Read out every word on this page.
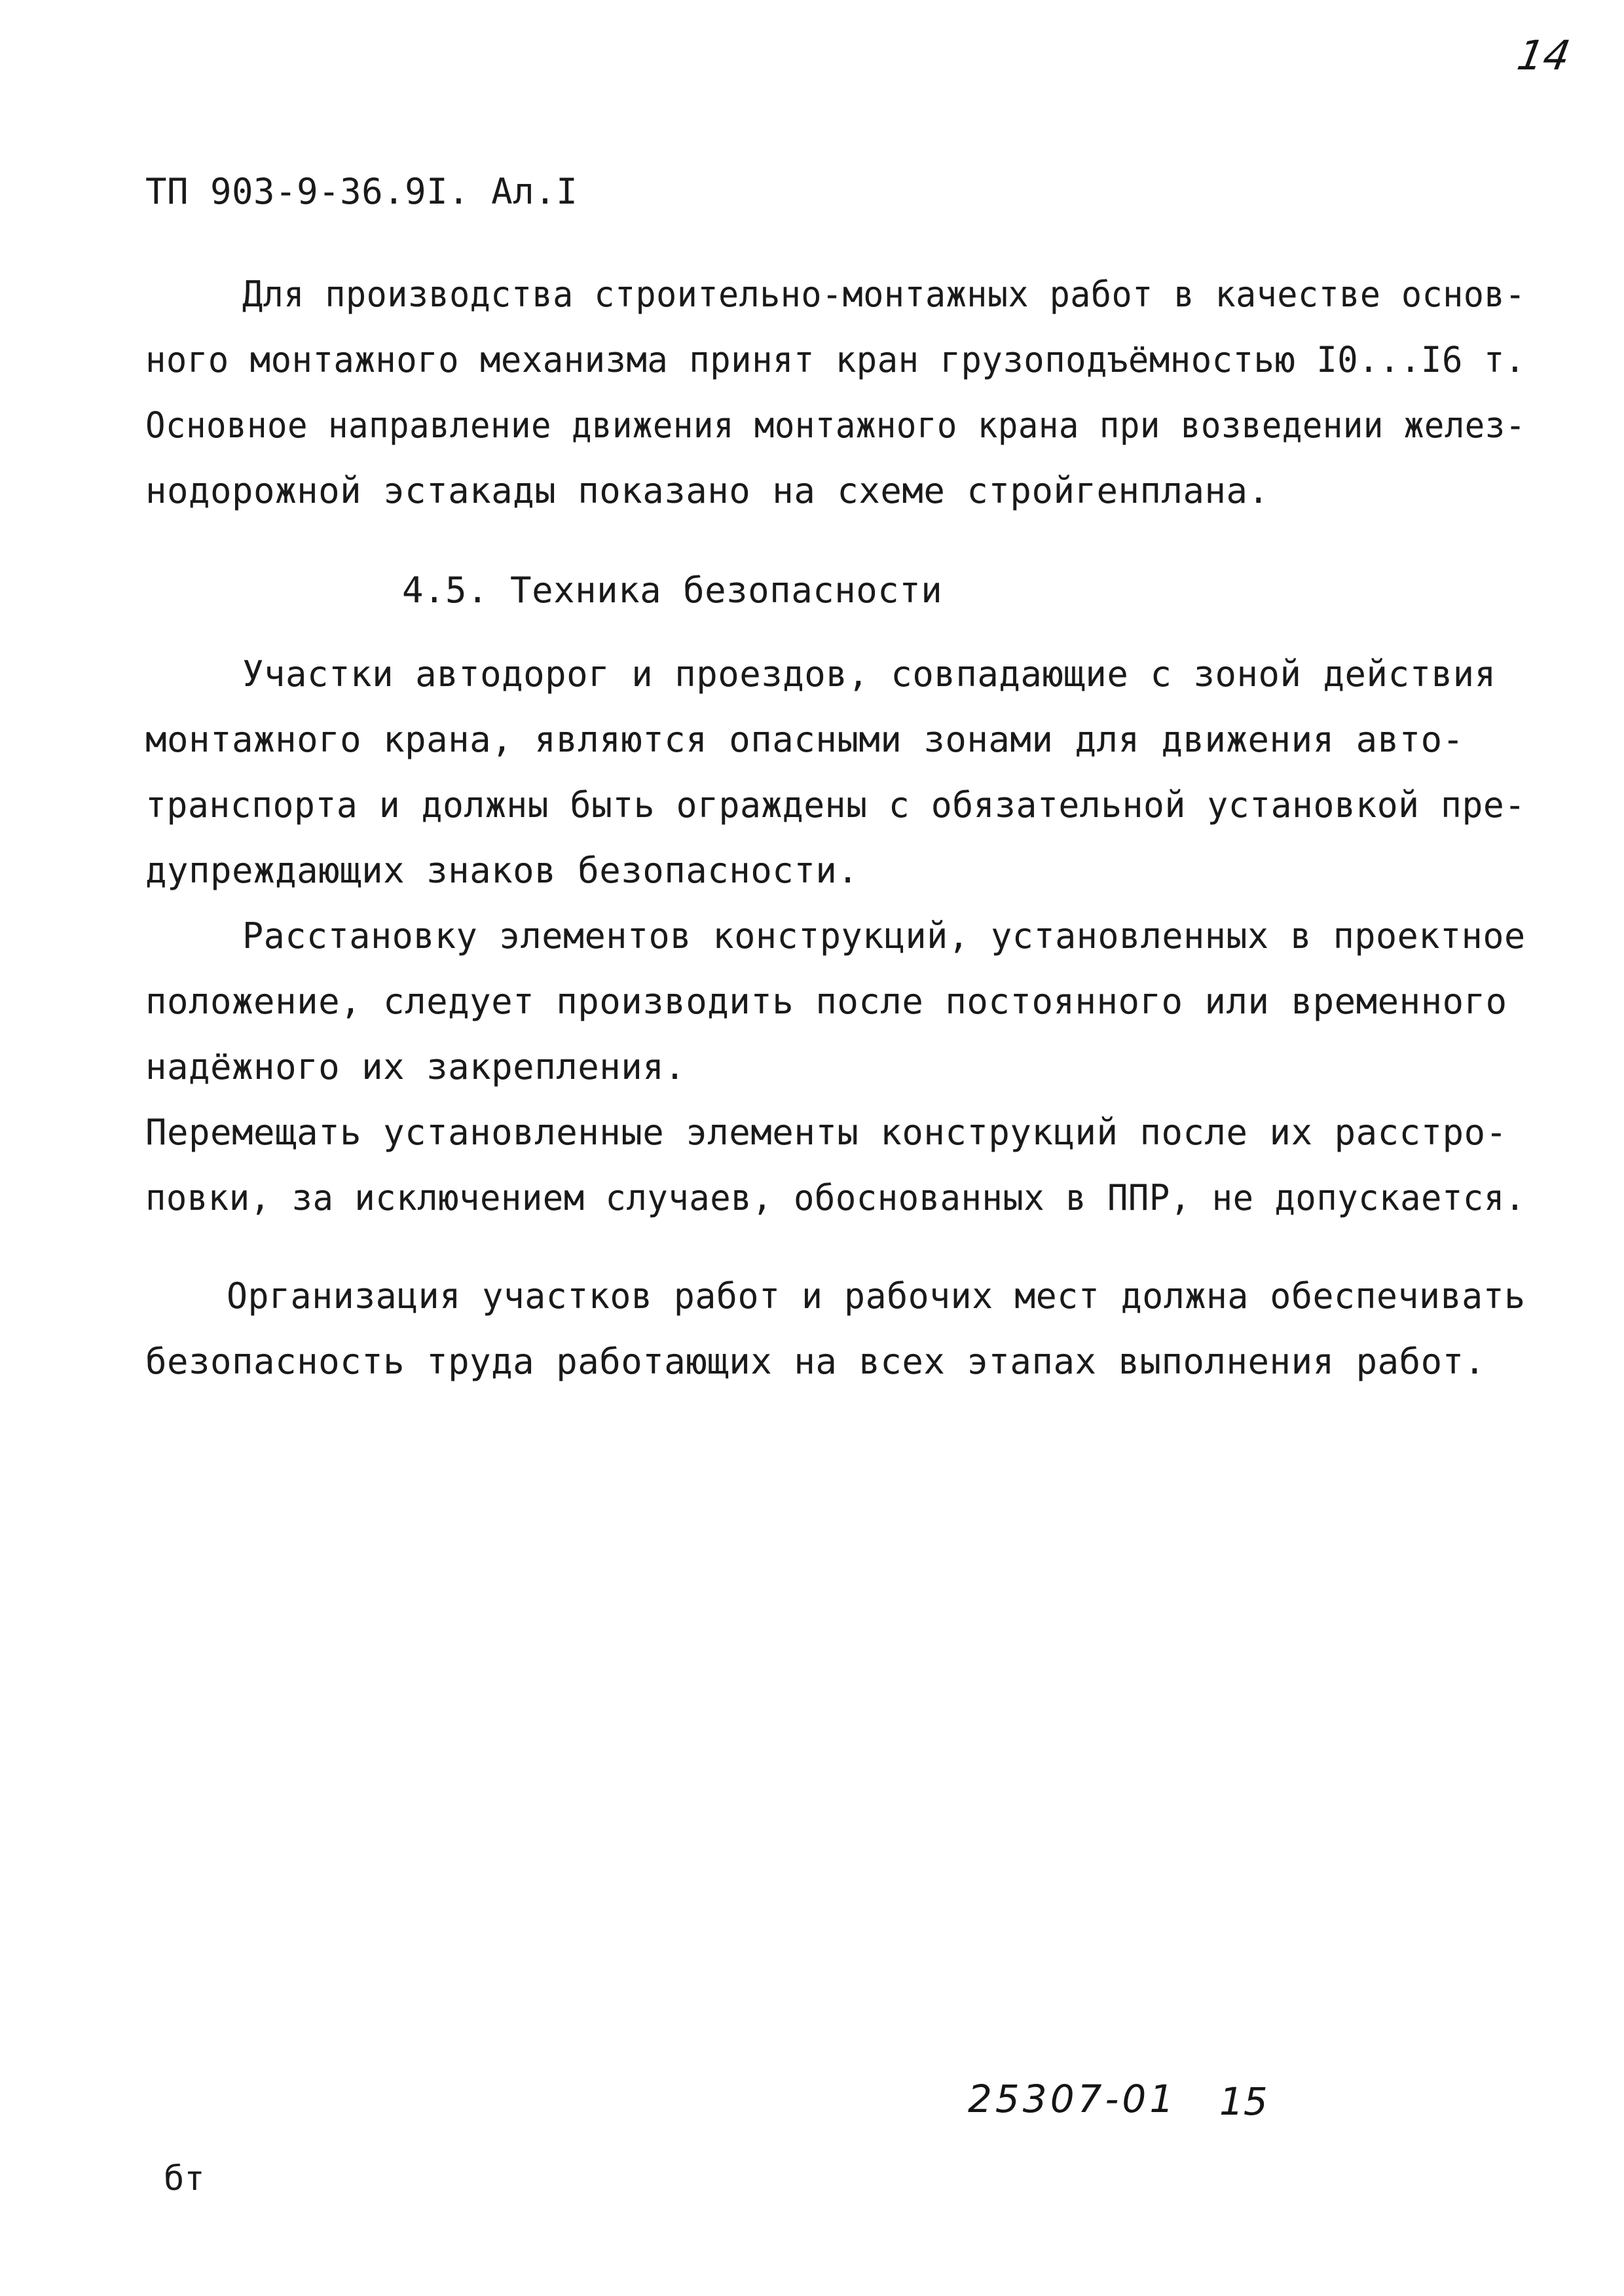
14
ТП 903-9-36.9I. Ал.I
Для производства строительно-монтажных работ в качестве основ-
ного монтажного механизма принят кран грузоподъёмностью I0...I6 т.
Основное направление движения монтажного крана при возведении желез-
нодорожной эстакады показано на схеме стройгенплана.
4.5. Техника безопасности
Участки автодорог и проездов, совпадающие с зоной действия
монтажного крана, являются опасными зонами для движения авто-
транспорта и должны быть ограждены с обязательной установкой пре-
дупреждающих знаков безопасности.
Расстановку элементов конструкций, установленных в проектное
положение, следует производить после постоянного или временного
надёжного их закрепления.
Перемещать установленные элементы конструкций после их расстро-
повки, за исключением случаев, обоснованных в ППР, не допускается.
Организация участков работ и рабочих мест должна обеспечивать
безопасность труда работающих на всех этапах выполнения работ.
25307-01 15
бт
